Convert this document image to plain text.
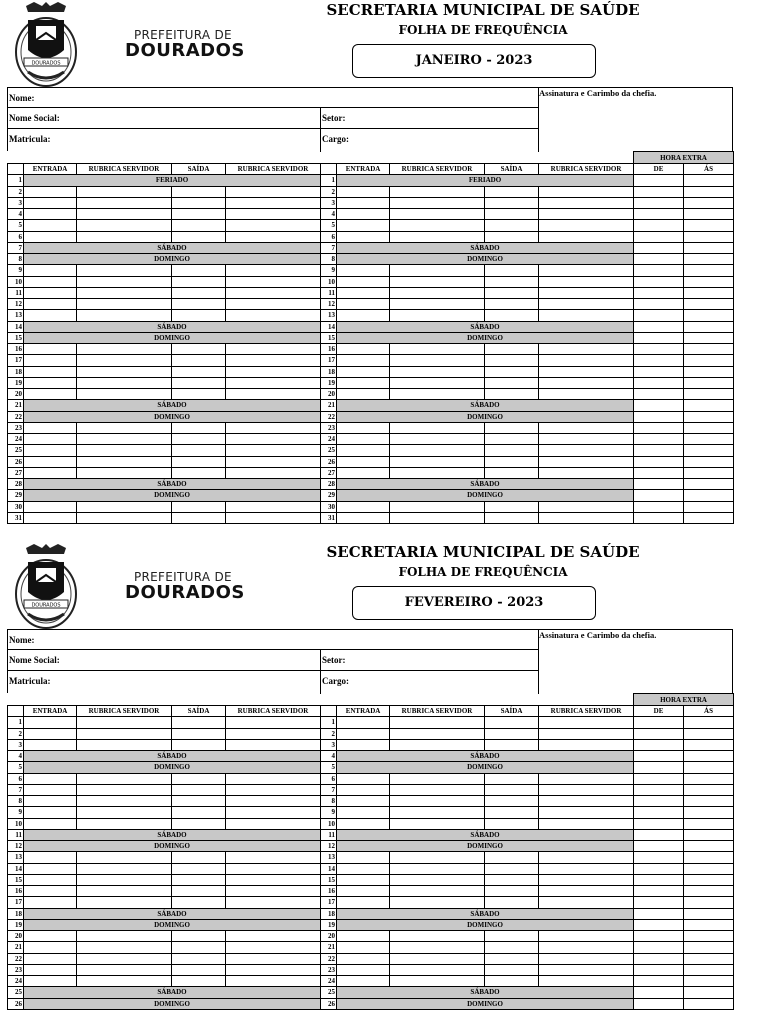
DOURADOS
PREFEITURA DE
DOURADOS
SECRETARIA MUNICIPAL DE SAÚDE
FOLHA DE FREQUÊNCIA
JANEIRO - 2023
Nome:
Nome Social:	Setor:
Matricula:	Cargo:
Assinatura e Carimbo da chefia.
										HORA EXTRA	
	ENTRADA	RUBRICA SERVIDOR	SAÍDA	RUBRICA SERVIDOR		ENTRADA	RUBRICA SERVIDOR	SAÍDA	RUBRICA SERVIDOR	DE	ÁS
1	FERIADO				1	FERIADO					
2					2						
3					3						
4					4						
5					5						
6					6						
7	SÁBADO				7	SÁBADO					
8	DOMINGO				8	DOMINGO					
9					9						
10					10						
11					11						
12					12						
13					13						
14	SÁBADO				14	SÁBADO					
15	DOMINGO				15	DOMINGO					
16					16						
17					17						
18					18						
19					19						
20					20						
21	SÁBADO				21	SÁBADO					
22	DOMINGO				22	DOMINGO					
23					23						
24					24						
25					25						
26					26						
27					27						
28	SÁBADO				28	SÁBADO					
29	DOMINGO				29	DOMINGO					
30					30						
31					31						
DOURADOS
PREFEITURA DE
DOURADOS
SECRETARIA MUNICIPAL DE SAÚDE
FOLHA DE FREQUÊNCIA
FEVEREIRO - 2023
Nome:
Nome Social:	Setor:
Matricula:	Cargo:
Assinatura e Carimbo da chefia.
										HORA EXTRA	
	ENTRADA	RUBRICA SERVIDOR	SAÍDA	RUBRICA SERVIDOR		ENTRADA	RUBRICA SERVIDOR	SAÍDA	RUBRICA SERVIDOR	DE	ÁS
1					1						
2					2						
3					3						
4	SÁBADO				4	SÁBADO					
5	DOMINGO				5	DOMINGO					
6					6						
7					7						
8					8						
9					9						
10					10						
11	SÁBADO				11	SÁBADO					
12	DOMINGO				12	DOMINGO					
13					13						
14					14						
15					15						
16					16						
17					17						
18	SÁBADO				18	SÁBADO					
19	DOMINGO				19	DOMINGO					
20					20						
21					21						
22					22						
23					23						
24					24						
25	SÁBADO				25	SÁBADO					
26	DOMINGO				26	DOMINGO					
